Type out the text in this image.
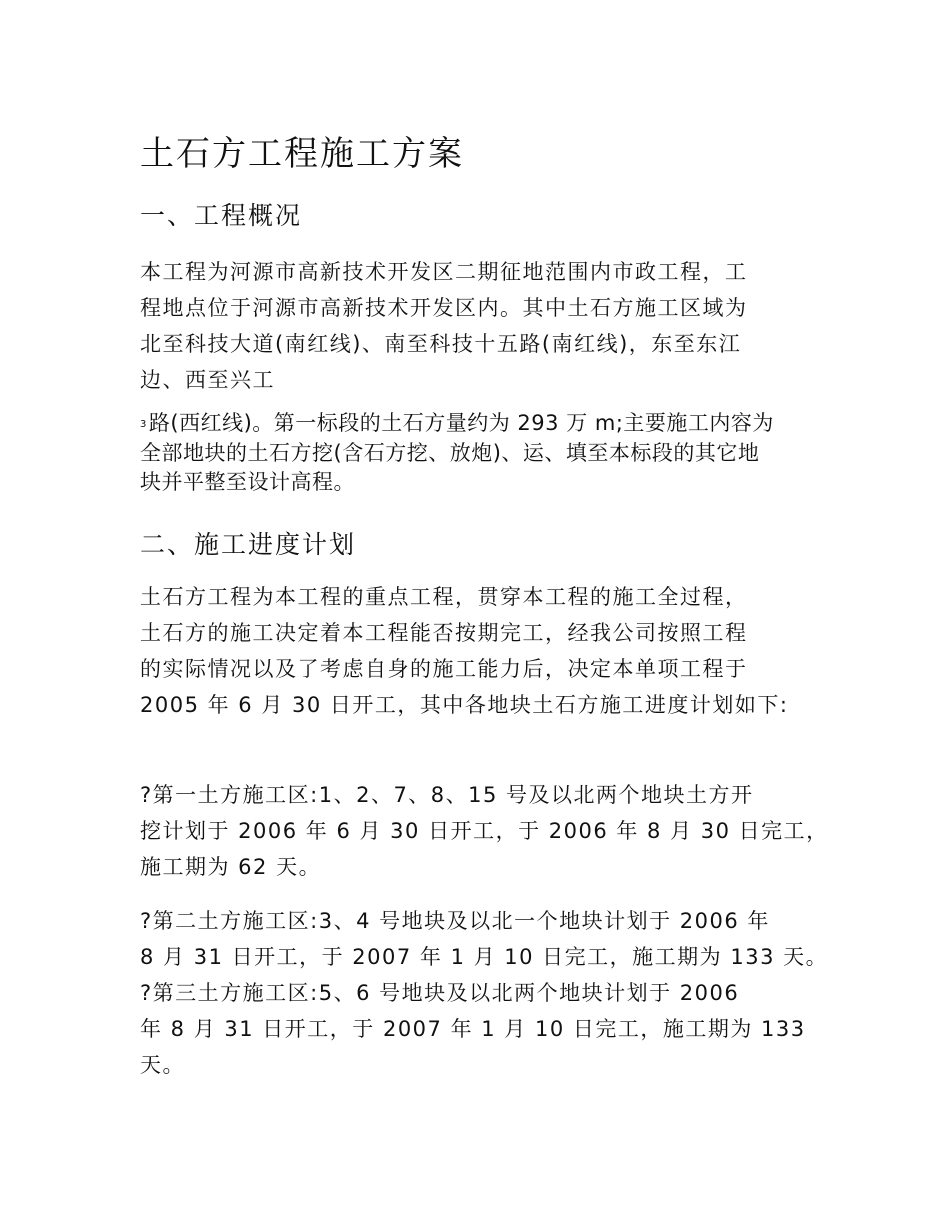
土石方工程施工方案
一、工程概况

本工程为河源市高新技术开发区二期征地范围内市政工程，工
程地点位于河源市高新技术开发区内。其中土石方施工区域为
北至科技大道(南红线)、南至科技十五路(南红线)，东至东江
边、西至兴工

3路(西红线)。第一标段的土石方量约为 293 万 m;主要施工内容为
全部地块的土石方挖(含石方挖、放炮)、运、填至本标段的其它地
块并平整至设计高程。

二、施工进度计划

土石方工程为本工程的重点工程，贯穿本工程的施工全过程，
土石方的施工决定着本工程能否按期完工，经我公司按照工程
的实际情况以及了考虑自身的施工能力后，决定本单项工程于
2005 年 6 月 30 日开工，其中各地块土石方施工进度计划如下:

?第一土方施工区:1、2、7、8、15 号及以北两个地块土方开
挖计划于 2006 年 6 月 30 日开工，于 2006 年 8 月 30 日完工，
施工期为 62 天。

?第二土方施工区:3、4 号地块及以北一个地块计划于 2006 年
8 月 31 日开工，于 2007 年 1 月 10 日完工，施工期为 133 天。
?第三土方施工区:5、6 号地块及以北两个地块计划于 2006
年 8 月 31 日开工，于 2007 年 1 月 10 日完工，施工期为 133
天。
